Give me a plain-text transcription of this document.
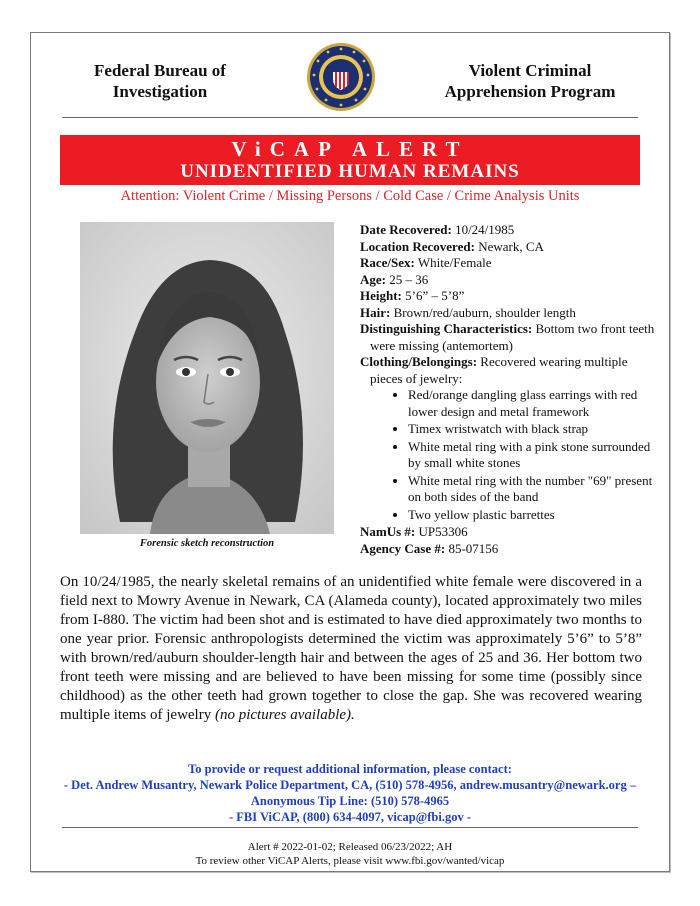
Federal Bureau of
Investigation
Violent Criminal
Apprehension Program
ViCAP ALERT
UNIDENTIFIED HUMAN REMAINS
Attention: Violent Crime / Missing Persons / Cold Case / Crime Analysis Units
Forensic sketch reconstruction

Date Recovered: 10/24/1985

Location Recovered: Newark, CA

Race/Sex: White/Female

Age: 25 – 36

Height: 5’6” – 5’8”

Hair: Brown/red/auburn, shoulder length

Distinguishing Characteristics: Bottom two front teeth were missing (antemortem)

Clothing/Belongings: Recovered wearing multiple pieces of jewelry:

• Red/orange dangling glass earrings with red lower design and metal framework
• Timex wristwatch with black strap
• White metal ring with a pink stone surrounded by small white stones
• White metal ring with the number "69" present on both sides of the band
• Two yellow plastic barrettes

NamUs #: UP53306

Agency Case #: 85-07156

On 10/24/1985, the nearly skeletal remains of an unidentified white female were discovered in a field next to Mowry Avenue in Newark, CA (Alameda county), located approximately two miles from I-880. The victim had been shot and is estimated to have died approximately two months to one year prior. Forensic anthropologists determined the victim was approximately 5’6” to 5’8” with brown/red/auburn shoulder-length hair and between the ages of 25 and 36. Her bottom two front teeth were missing and are believed to have been missing for some time (possibly since childhood) as the other teeth had grown together to close the gap. She was recovered wearing multiple items of jewelry (no pictures available).
To provide or request additional information, please contact:
- Det. Andrew Musantry, Newark Police Department, CA, (510) 578-4956, andrew.musantry@newark.org –
Anonymous Tip Line: (510) 578-4965
- FBI ViCAP, (800) 634-4097, vicap@fbi.gov -
Alert # 2022-01-02; Released 06/23/2022; AH
To review other ViCAP Alerts, please visit www.fbi.gov/wanted/vicap
